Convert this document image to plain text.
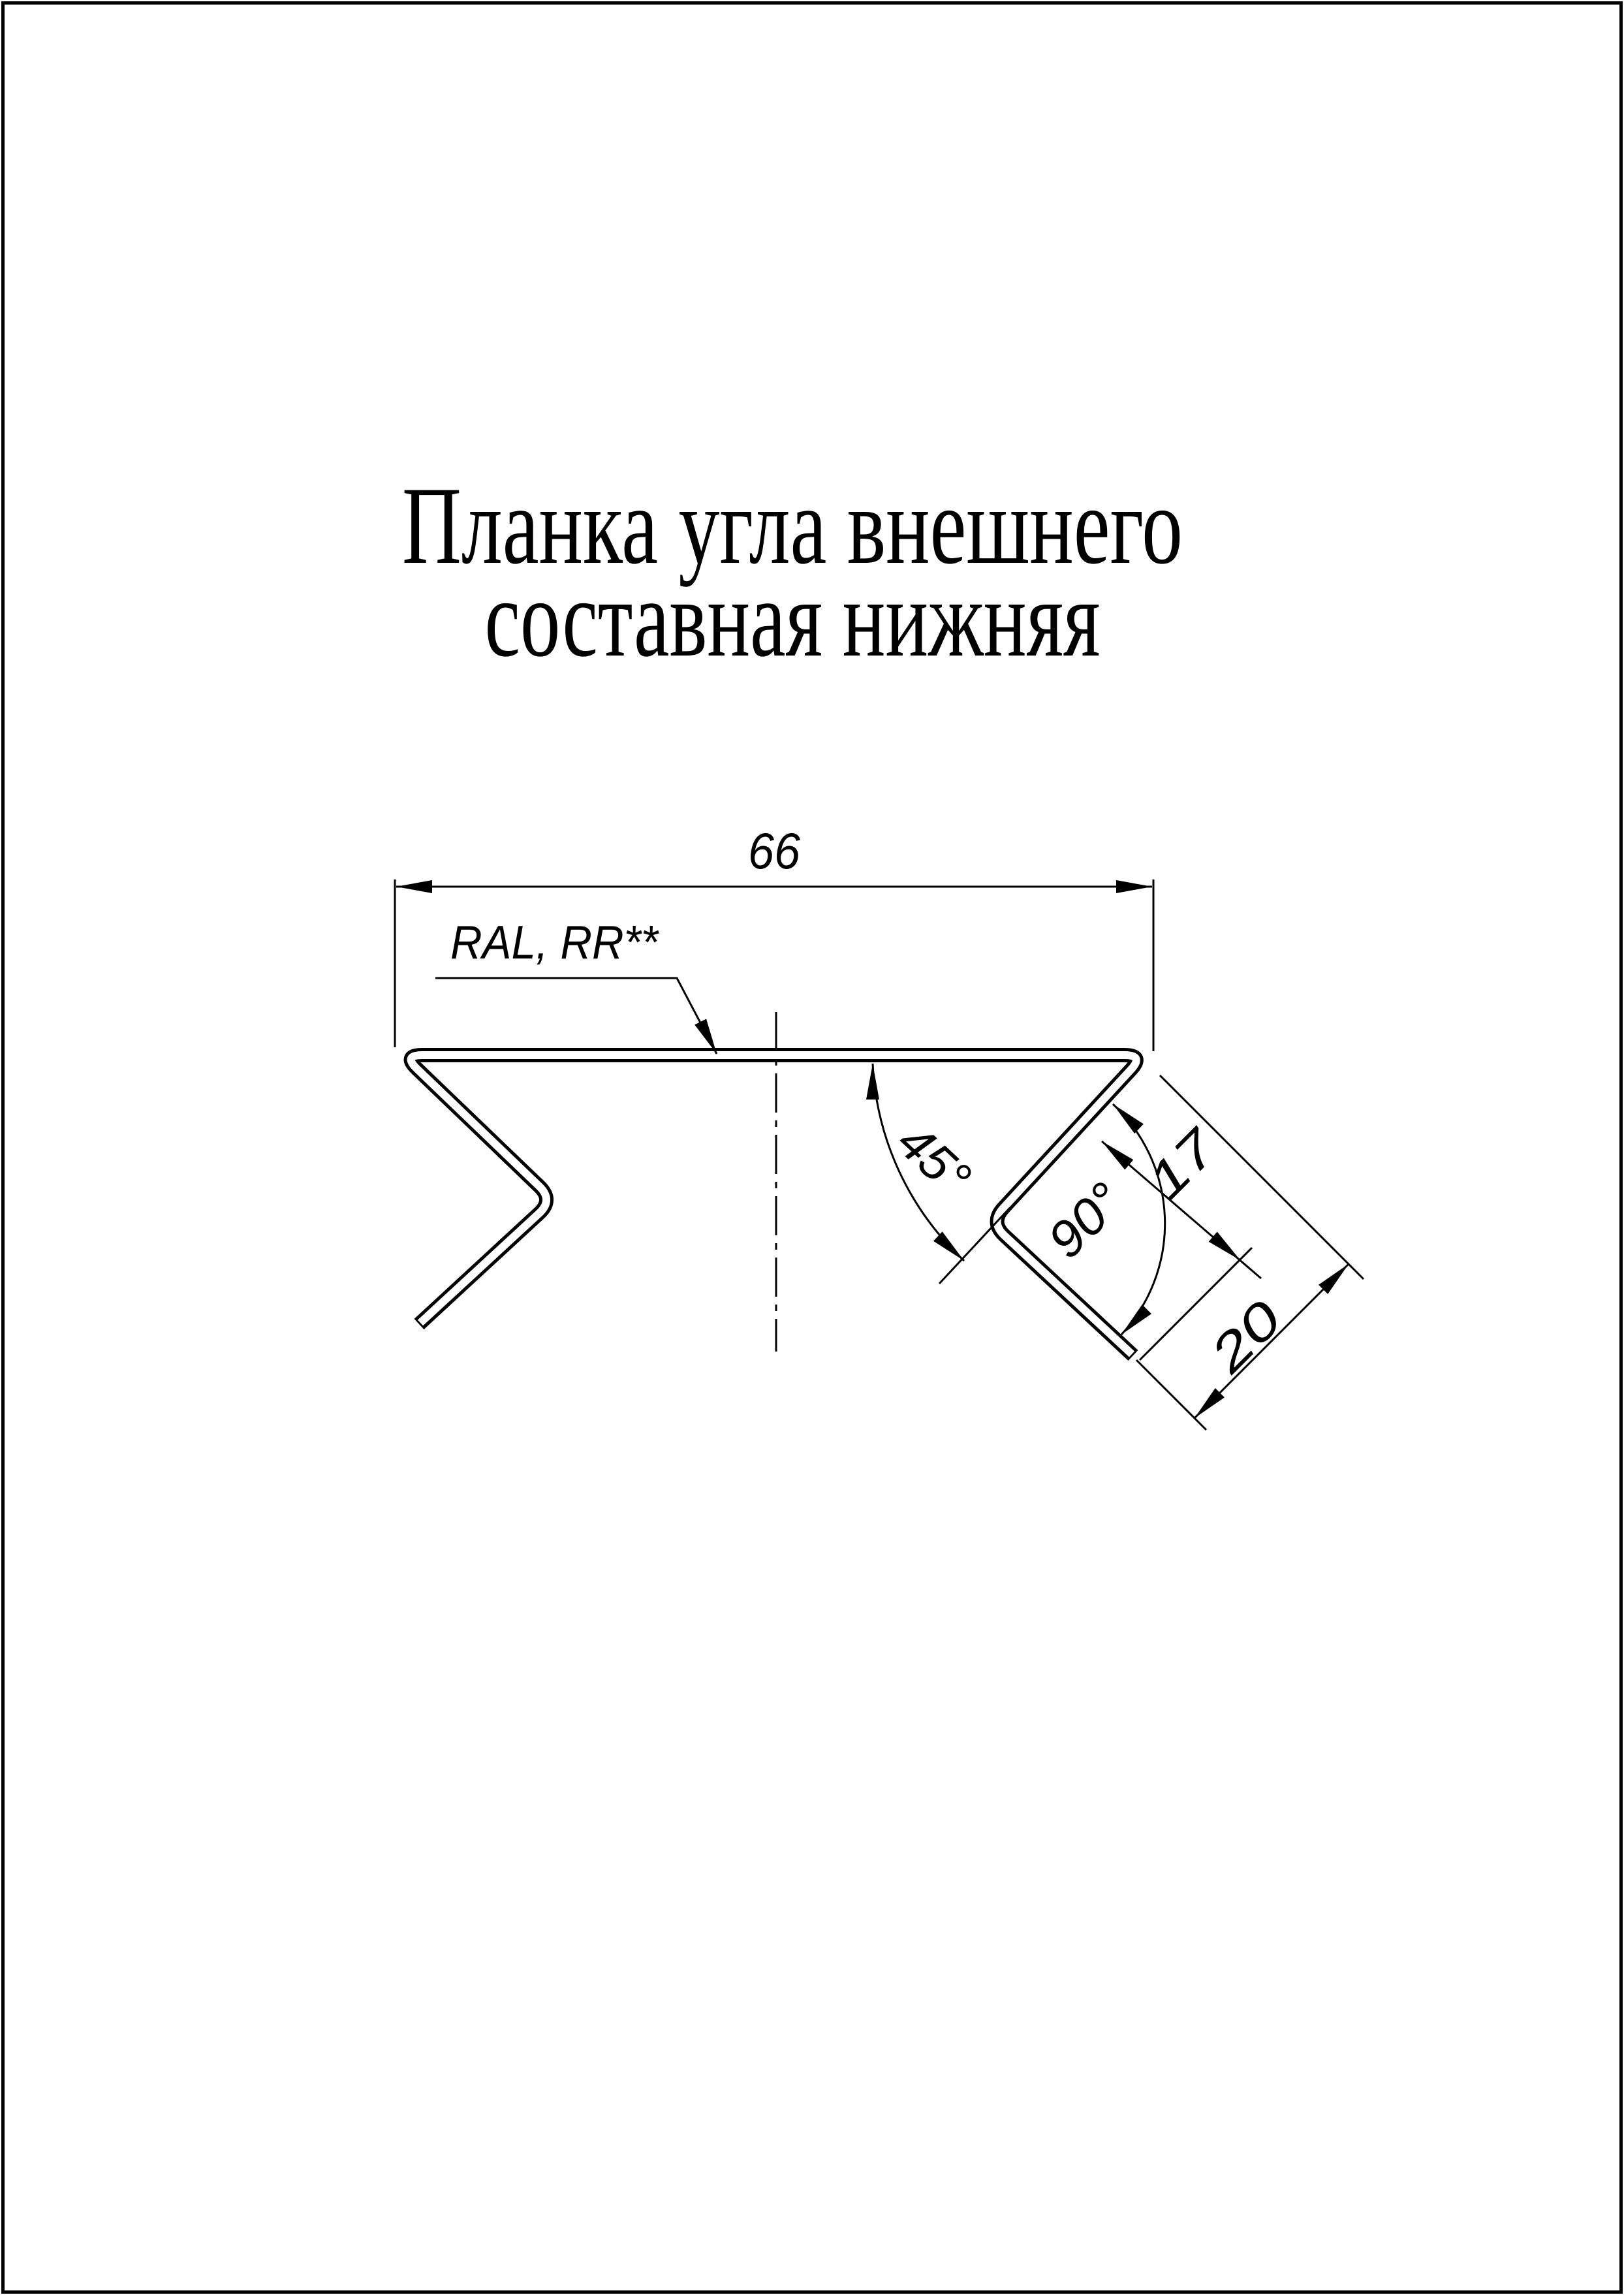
Планка угла внешнего
составная нижняя
66
RAL, RR**
45°
90°
17
20
